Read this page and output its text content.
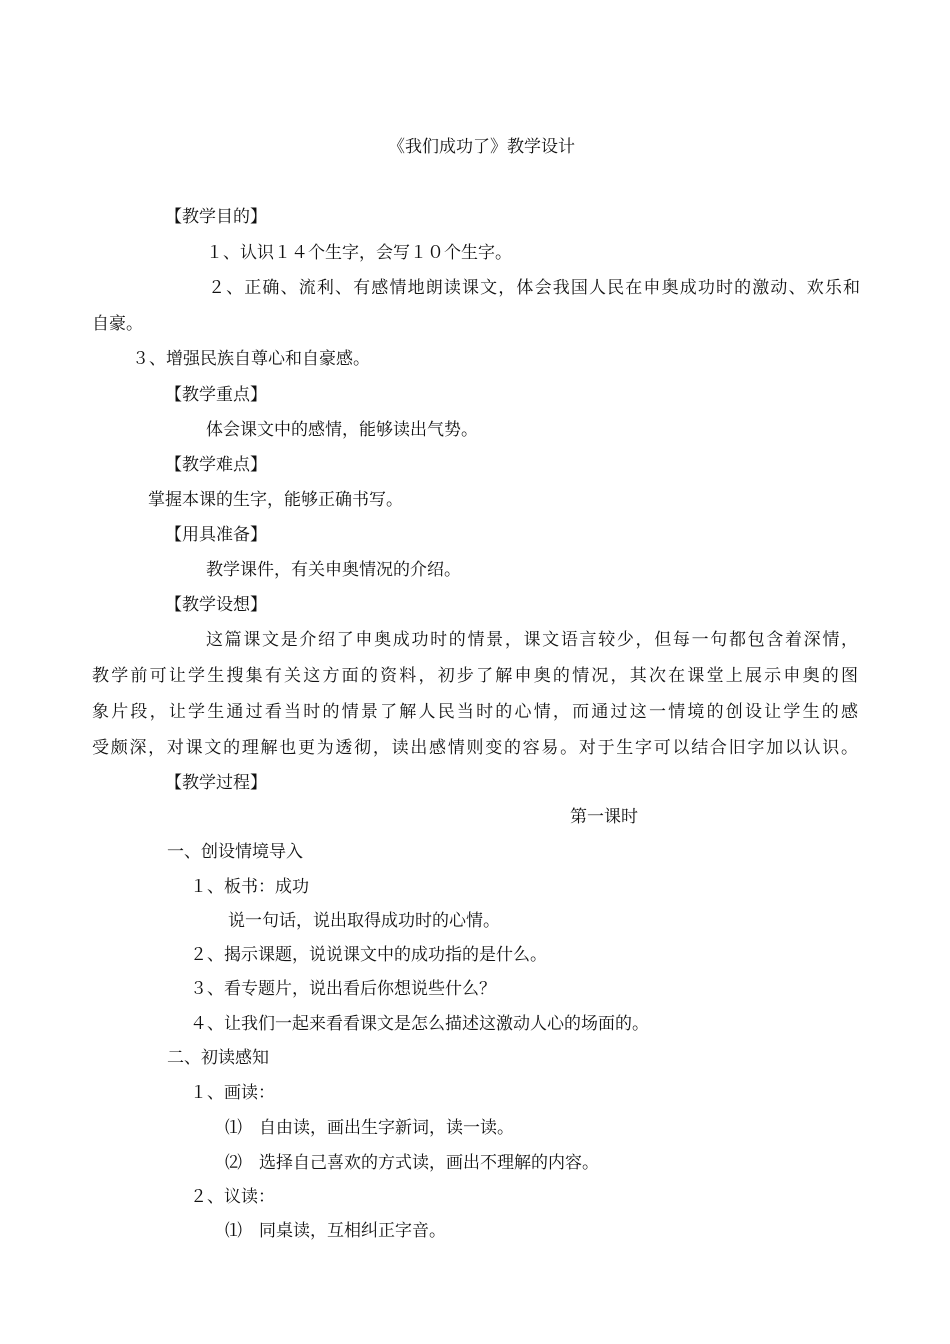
《我们成功了》教学设计
【教学目的】
１、认识１４个生字，会写１０个生字。
２、正确、流利、有感情地朗读课文，体会我国人民在申奥成功时的激动、欢乐和
自豪。
３、增强民族自尊心和自豪感。
【教学重点】
体会课文中的感情，能够读出气势。
【教学难点】
掌握本课的生字，能够正确书写。
【用具准备】
教学课件，有关申奥情况的介绍。
【教学设想】
这篇课文是介绍了申奥成功时的情景，课文语言较少，但每一句都包含着深情，
教学前可让学生搜集有关这方面的资料，初步了解申奥的情况，其次在课堂上展示申奥的图
象片段，让学生通过看当时的情景了解人民当时的心情，而通过这一情境的创设让学生的感
受颇深，对课文的理解也更为透彻，读出感情则变的容易。对于生字可以结合旧字加以认识。
【教学过程】
第一课时
一、创设情境导入
１、板书：成功
说一句话，说出取得成功时的心情。
２、揭示课题，说说课文中的成功指的是什么。
３、看专题片，说出看后你想说些什么？
４、让我们一起来看看课文是怎么描述这激动人心的场面的。
二、初读感知
１、画读：
⑴ 自由读，画出生字新词，读一读。
⑵ 选择自己喜欢的方式读，画出不理解的内容。
２、议读：
⑴ 同桌读，互相纠正字音。
